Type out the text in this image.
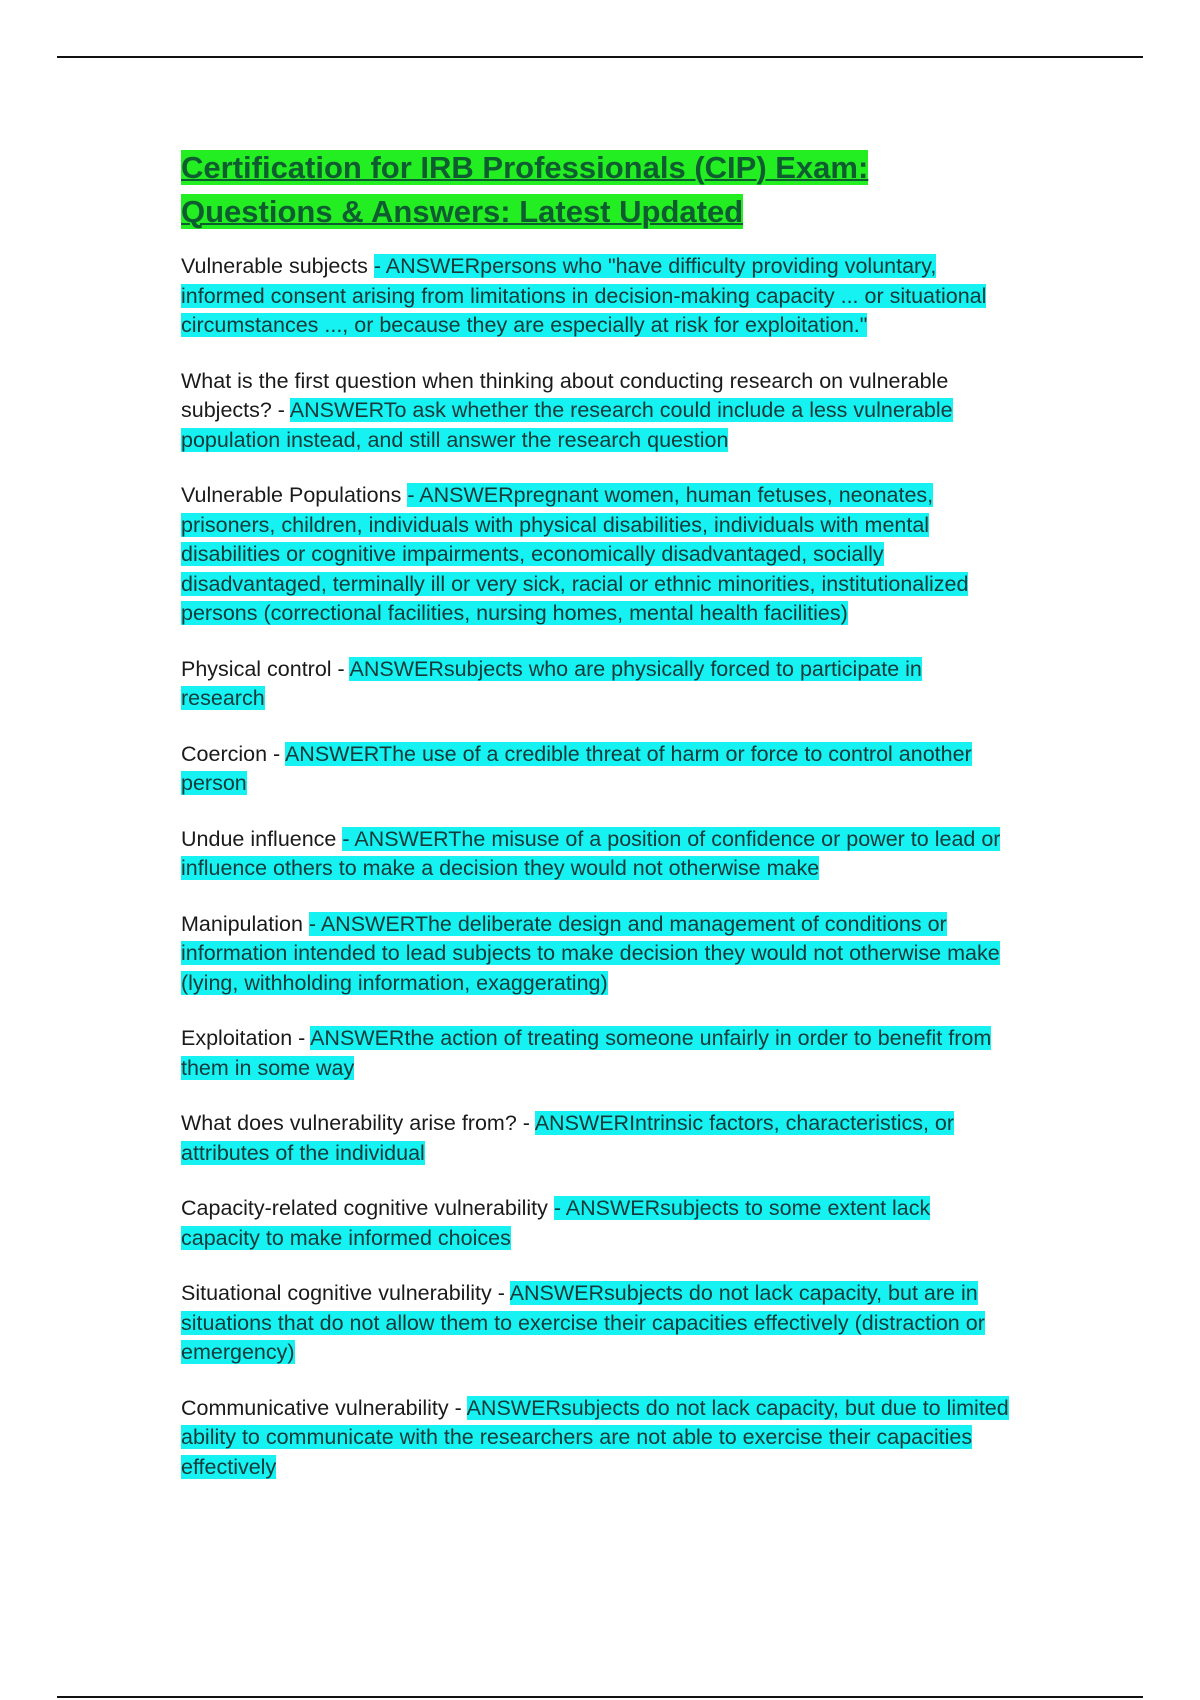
Certification for IRB Professionals (CIP) Exam:
Questions & Answers: Latest Updated

Vulnerable subjects - ANSWERpersons who "have difficulty providing voluntary, informed consent arising from limitations in decision-making capacity ... or situational circumstances ..., or because they are especially at risk for exploitation."

What is the first question when thinking about conducting research on vulnerable subjects? - ANSWERTo ask whether the research could include a less vulnerable population instead, and still answer the research question

Vulnerable Populations - ANSWERpregnant women, human fetuses, neonates, prisoners, children, individuals with physical disabilities, individuals with mental disabilities or cognitive impairments, economically disadvantaged, socially disadvantaged, terminally ill or very sick, racial or ethnic minorities, institutionalized persons (correctional facilities, nursing homes, mental health facilities)

Physical control - ANSWERsubjects who are physically forced to participate in research

Coercion - ANSWERThe use of a credible threat of harm or force to control another person

Undue influence - ANSWERThe misuse of a position of confidence or power to lead or influence others to make a decision they would not otherwise make

Manipulation - ANSWERThe deliberate design and management of conditions or information intended to lead subjects to make decision they would not otherwise make (lying, withholding information, exaggerating)

Exploitation - ANSWERthe action of treating someone unfairly in order to benefit from them in some way

What does vulnerability arise from? - ANSWERIntrinsic factors, characteristics, or attributes of the individual

Capacity-related cognitive vulnerability - ANSWERsubjects to some extent lack capacity to make informed choices

Situational cognitive vulnerability - ANSWERsubjects do not lack capacity, but are in situations that do not allow them to exercise their capacities effectively (distraction or emergency)

Communicative vulnerability - ANSWERsubjects do not lack capacity, but due to limited ability to communicate with the researchers are not able to exercise their capacities effectively
